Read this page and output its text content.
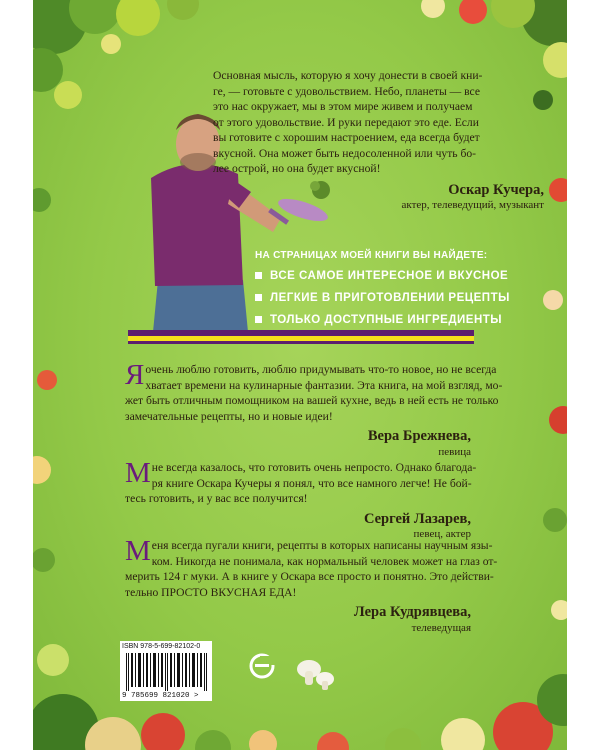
Основная мысль, которую я хочу донести в своей кни-
ге, — готовьте с удовольствием. Небо, планеты — все
это нас окружает, мы в этом мире живем и получаем
от этого удовольствие. И руки передают это еде. Если
вы готовите с хорошим настроением, еда всегда будет
вкусной. Она может быть недосоленной или чуть бо-
лее острой, но она будет вкусной!
Оскар Кучера,
актер, телеведущий, музыкант
НА СТРАНИЦАХ МОЕЙ КНИГИ ВЫ НАЙДЕТЕ:
ВСЕ САМОЕ ИНТЕРЕСНОЕ И ВКУСНОЕ
ЛЕГКИЕ В ПРИГОТОВЛЕНИИ РЕЦЕПТЫ
ТОЛЬКО ДОСТУПНЫЕ ИНГРЕДИЕНТЫ
Я очень люблю готовить, люблю придумывать что-то новое, но не всегда
хватает времени на кулинарные фантазии. Эта книга, на мой взгляд, мо-
жет быть отличным помощником на вашей кухне, ведь в ней есть не только
замечательные рецепты, но и новые идеи!
Вера Брежнева,
певица
М не всегда казалось, что готовить очень непросто. Однако благода-
ря книге Оскара Кучеры я понял, что все намного легче! Не бой-
тесь готовить, и у вас все получится!
Сергей Лазарев,
певец, актер
М еня всегда пугали книги, рецепты в которых написаны научным язы-
ком. Никогда не понимала, как нормальный человек может на глаз от-
мерить 124 г муки. А в книге у Оскара все просто и понятно. Это действи-
тельно ПРОСТО ВКУСНАЯ ЕДА!
Лера Кудрявцева,
телеведущая
ISBN 978-5-699-82102-0
9 785699 821020 >
